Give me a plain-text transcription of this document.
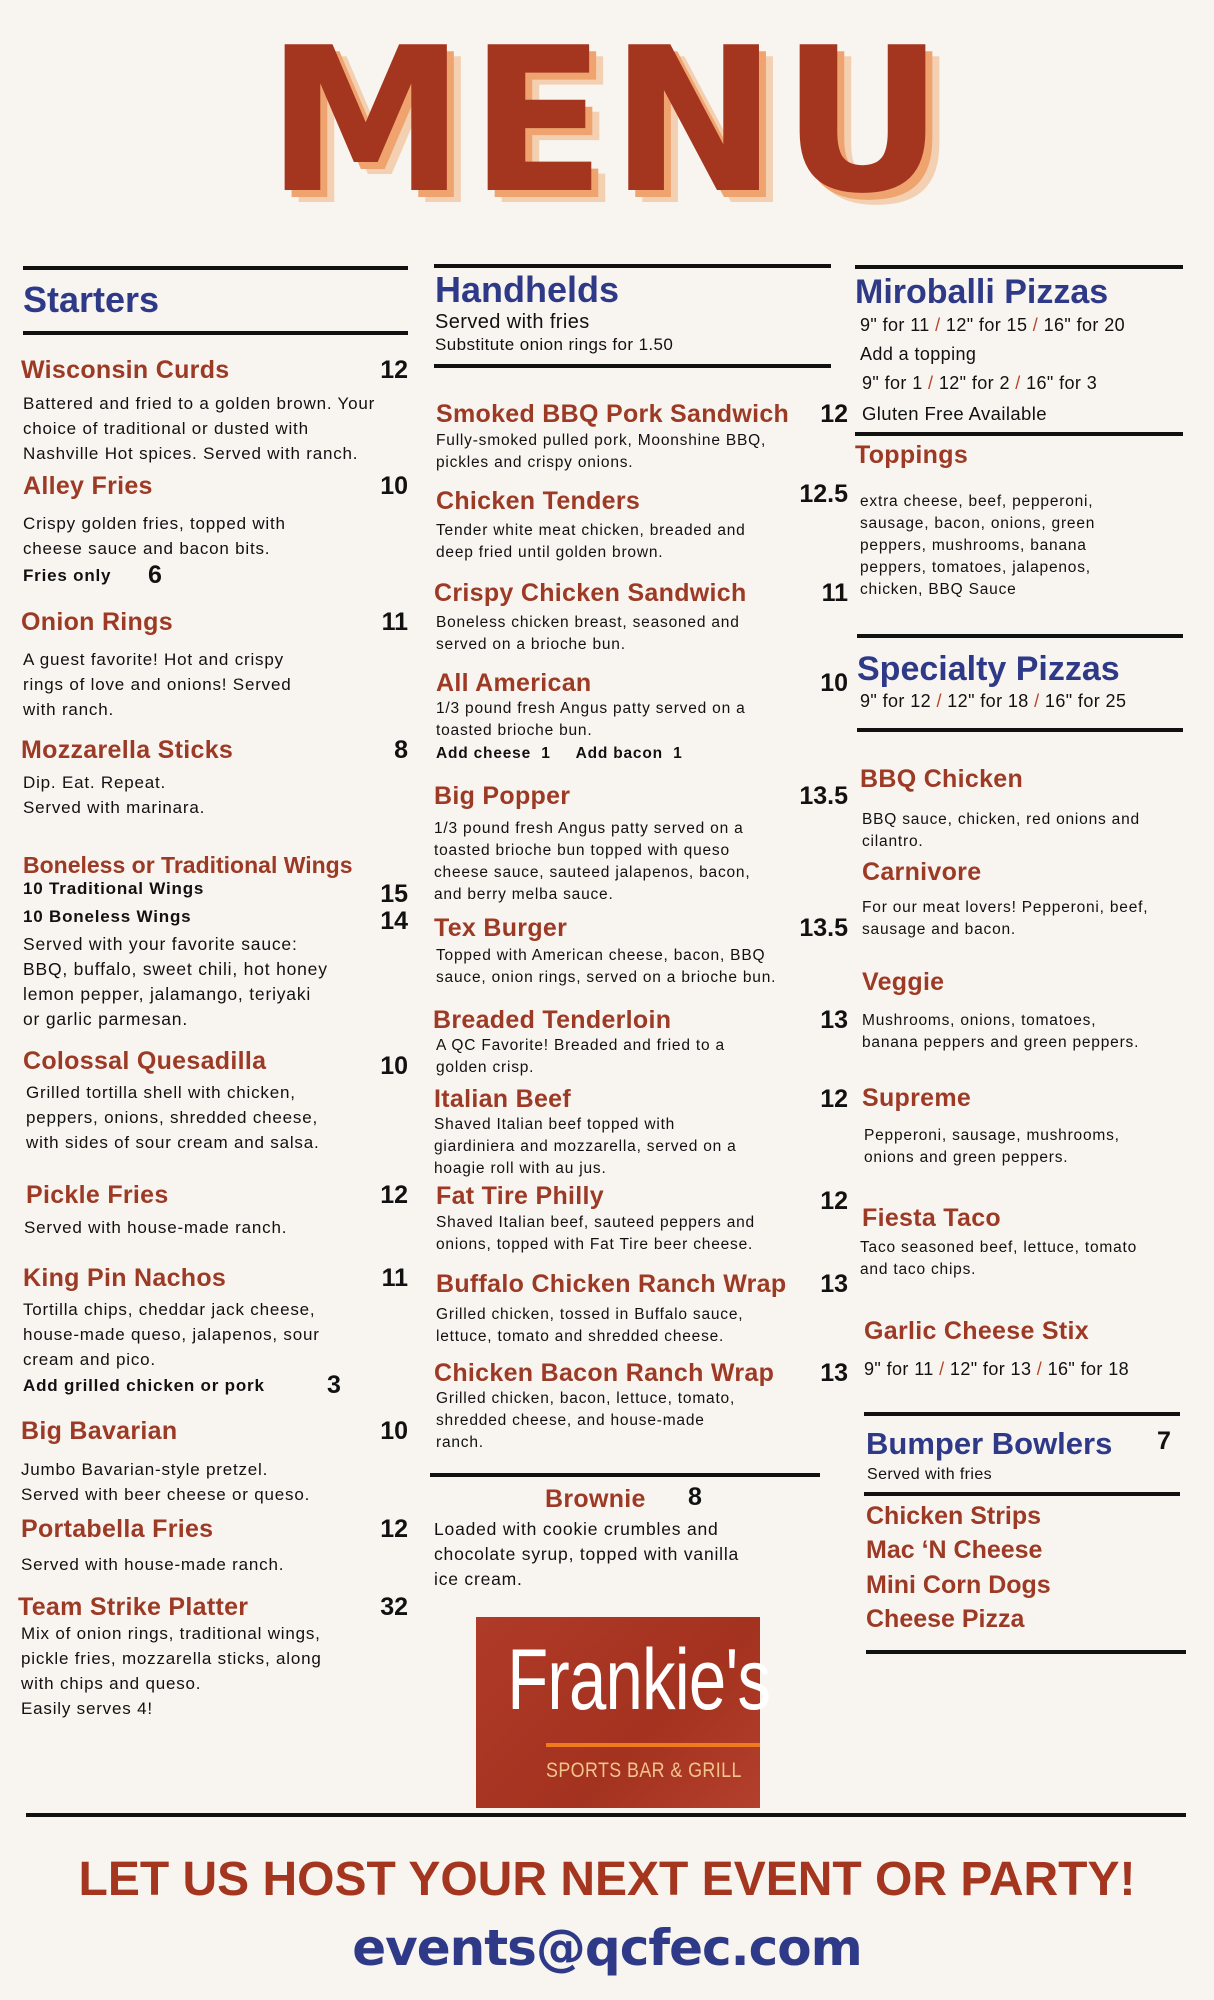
MENU
Starters
Wisconsin Curds	12
Battered and fried to a golden brown. Your
choice of traditional or dusted with
Nashville Hot spices. Served with ranch.
Alley Fries	10
Crispy golden fries, topped with
cheese sauce and bacon bits.
Fries only 6
Onion Rings	11
A guest favorite! Hot and crispy
rings of love and onions! Served
with ranch.
Mozzarella Sticks	8
Dip. Eat. Repeat.
Served with marinara.
Boneless or Traditional Wings
10 Traditional Wings	15
10 Boneless Wings	14
Served with your favorite sauce:
BBQ, buffalo, sweet chili, hot honey
lemon pepper, jalamango, teriyaki
or garlic parmesan.
Colossal Quesadilla	10
Grilled tortilla shell with chicken,
peppers, onions, shredded cheese,
with sides of sour cream and salsa.
Pickle Fries	12
Served with house-made ranch.
King Pin Nachos	11
Tortilla chips, cheddar jack cheese,
house-made queso, jalapenos, sour
cream and pico.
Add grilled chicken or pork 3
Big Bavarian	10
Jumbo Bavarian-style pretzel.
Served with beer cheese or queso.
Portabella Fries	12
Served with house-made ranch.
Team Strike Platter	32
Mix of onion rings, traditional wings,
pickle fries, mozzarella sticks, along
with chips and queso.
Easily serves 4!
Handhelds
Served with fries
Substitute onion rings for 1.50
Smoked BBQ Pork Sandwich 12
Fully-smoked pulled pork, Moonshine BBQ,
pickles and crispy onions.
Chicken Tenders	12.5
Tender white meat chicken, breaded and
deep fried until golden brown.
Crispy Chicken Sandwich	11
Boneless chicken breast, seasoned and
served on a brioche bun.
All American	10
1/3 pound fresh Angus patty served on a
toasted brioche bun.
Add cheese  1     Add bacon  1
Big Popper	13.5
1/3 pound fresh Angus patty served on a
toasted brioche bun topped with queso
cheese sauce, sauteed jalapenos, bacon,
and berry melba sauce.
Tex Burger	13.5
Topped with American cheese, bacon, BBQ
sauce, onion rings, served on a brioche bun.
Breaded Tenderloin	13
A QC Favorite! Breaded and fried to a
golden crisp.
Italian Beef	12
Shaved Italian beef topped with
giardiniera and mozzarella, served on a
hoagie roll with au jus.
Fat Tire Philly	12
Shaved Italian beef, sauteed peppers and
onions, topped with Fat Tire beer cheese.
Buffalo Chicken Ranch Wrap 13
Grilled chicken, tossed in Buffalo sauce,
lettuce, tomato and shredded cheese.
Chicken Bacon Ranch Wrap 13
Grilled chicken, bacon, lettuce, tomato,
shredded cheese, and house-made
ranch.
Brownie 8
Loaded with cookie crumbles and
chocolate syrup, topped with vanilla
ice cream.

Frankie's

SPORTS BAR & GRILL

Miroballi Pizzas
9" for 11 / 12" for 15 / 16" for 20
Add a topping
9" for 1 / 12" for 2 / 16" for 3
Gluten Free Available
Toppings
extra cheese, beef, pepperoni,
sausage, bacon, onions, green
peppers, mushrooms, banana
peppers, tomatoes, jalapenos,
chicken, BBQ Sauce
Specialty Pizzas
9" for 12 / 12" for 18 / 16" for 25
BBQ Chicken
BBQ sauce, chicken, red onions and
cilantro.
Carnivore
For our meat lovers! Pepperoni, beef,
sausage and bacon.
Veggie
Mushrooms, onions, tomatoes,
banana peppers and green peppers.
Supreme
Pepperoni, sausage, mushrooms,
onions and green peppers.
Fiesta Taco
Taco seasoned beef, lettuce, tomato
and taco chips.
Garlic Cheese Stix
9" for 11 / 12" for 13 / 16" for 18
Bumper Bowlers 7
Served with fries
Chicken Strips
Mac ‘N Cheese
Mini Corn Dogs
Cheese Pizza
LET US HOST YOUR NEXT EVENT OR PARTY!
events@qcfec.com
